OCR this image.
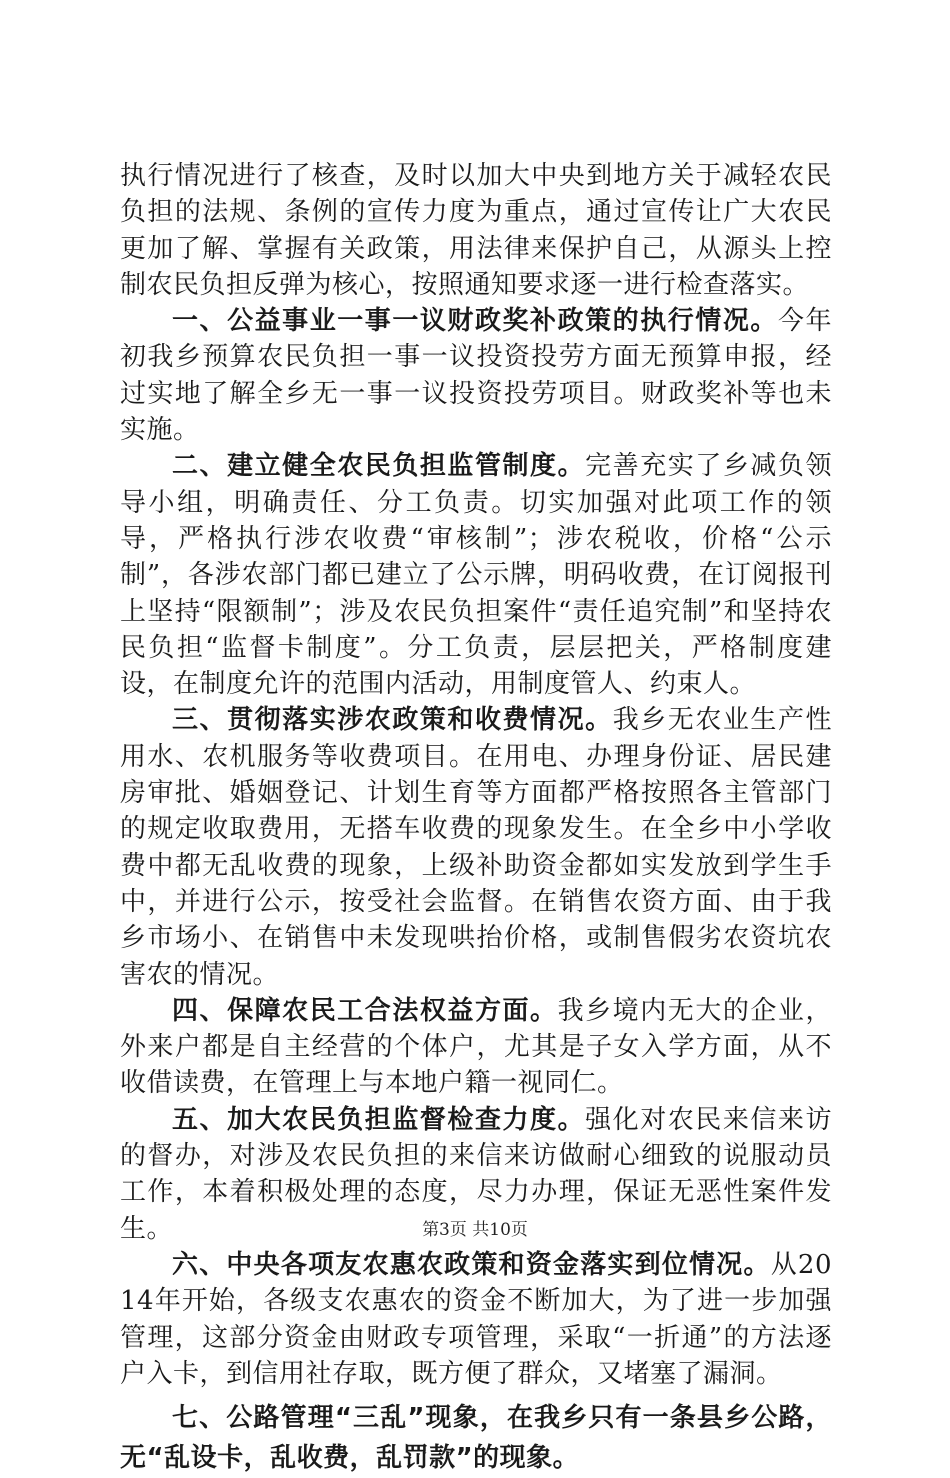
执行情况进行了核查，及时以加大中央到地方关于减轻农民负担的法规、条例的宣传力度为重点，通过宣传让广大农民更加了解、掌握有关政策，用法律来保护自己，从源头上控制农民负担反弹为核心，按照通知要求逐一进行检查落实。

一、公益事业一事一议财政奖补政策的执行情况。今年初我乡预算农民负担一事一议投资投劳方面无预算申报，经过实地了解全乡无一事一议投资投劳项目。财政奖补等也未实施。

二、建立健全农民负担监管制度。完善充实了乡减负领导小组，明确责任、分工负责。切实加强对此项工作的领导，严格执行涉农收费“审核制”；涉农税收，价格“公示制”，各涉农部门都已建立了公示牌，明码收费，在订阅报刊上坚持“限额制”；涉及农民负担案件“责任追究制”和坚持农民负担“监督卡制度”。分工负责，层层把关，严格制度建设，在制度允许的范围内活动，用制度管人、约束人。

三、贯彻落实涉农政策和收费情况。我乡无农业生产性用水、农机服务等收费项目。在用电、办理身份证、居民建房审批、婚姻登记、计划生育等方面都严格按照各主管部门的规定收取费用，无搭车收费的现象发生。在全乡中小学收费中都无乱收费的现象，上级补助资金都如实发放到学生手中，并进行公示，按受社会监督。在销售农资方面、由于我乡市场小、在销售中未发现哄抬价格，或制售假劣农资坑农害农的情况。

四、保障农民工合法权益方面。我乡境内无大的企业，外来户都是自主经营的个体户，尤其是子女入学方面，从不收借读费，在管理上与本地户籍一视同仁。

五、加大农民负担监督检查力度。强化对农民来信来访的督办，对涉及农民负担的来信来访做耐心细致的说服动员工作，本着积极处理的态度，尽力办理，保证无恶性案件发生。

六、中央各项友农惠农政策和资金落实到位情况。从2014年开始，各级支农惠农的资金不断加大，为了进一步加强管理，这部分资金由财政专项管理，采取“一折通”的方法逐户入卡，到信用社存取，既方便了群众，又堵塞了漏洞。

七、公路管理“三乱”现象，在我乡只有一条县乡公路，无“乱设卡，乱收费，乱罚款”的现象。

第3页 共10页
